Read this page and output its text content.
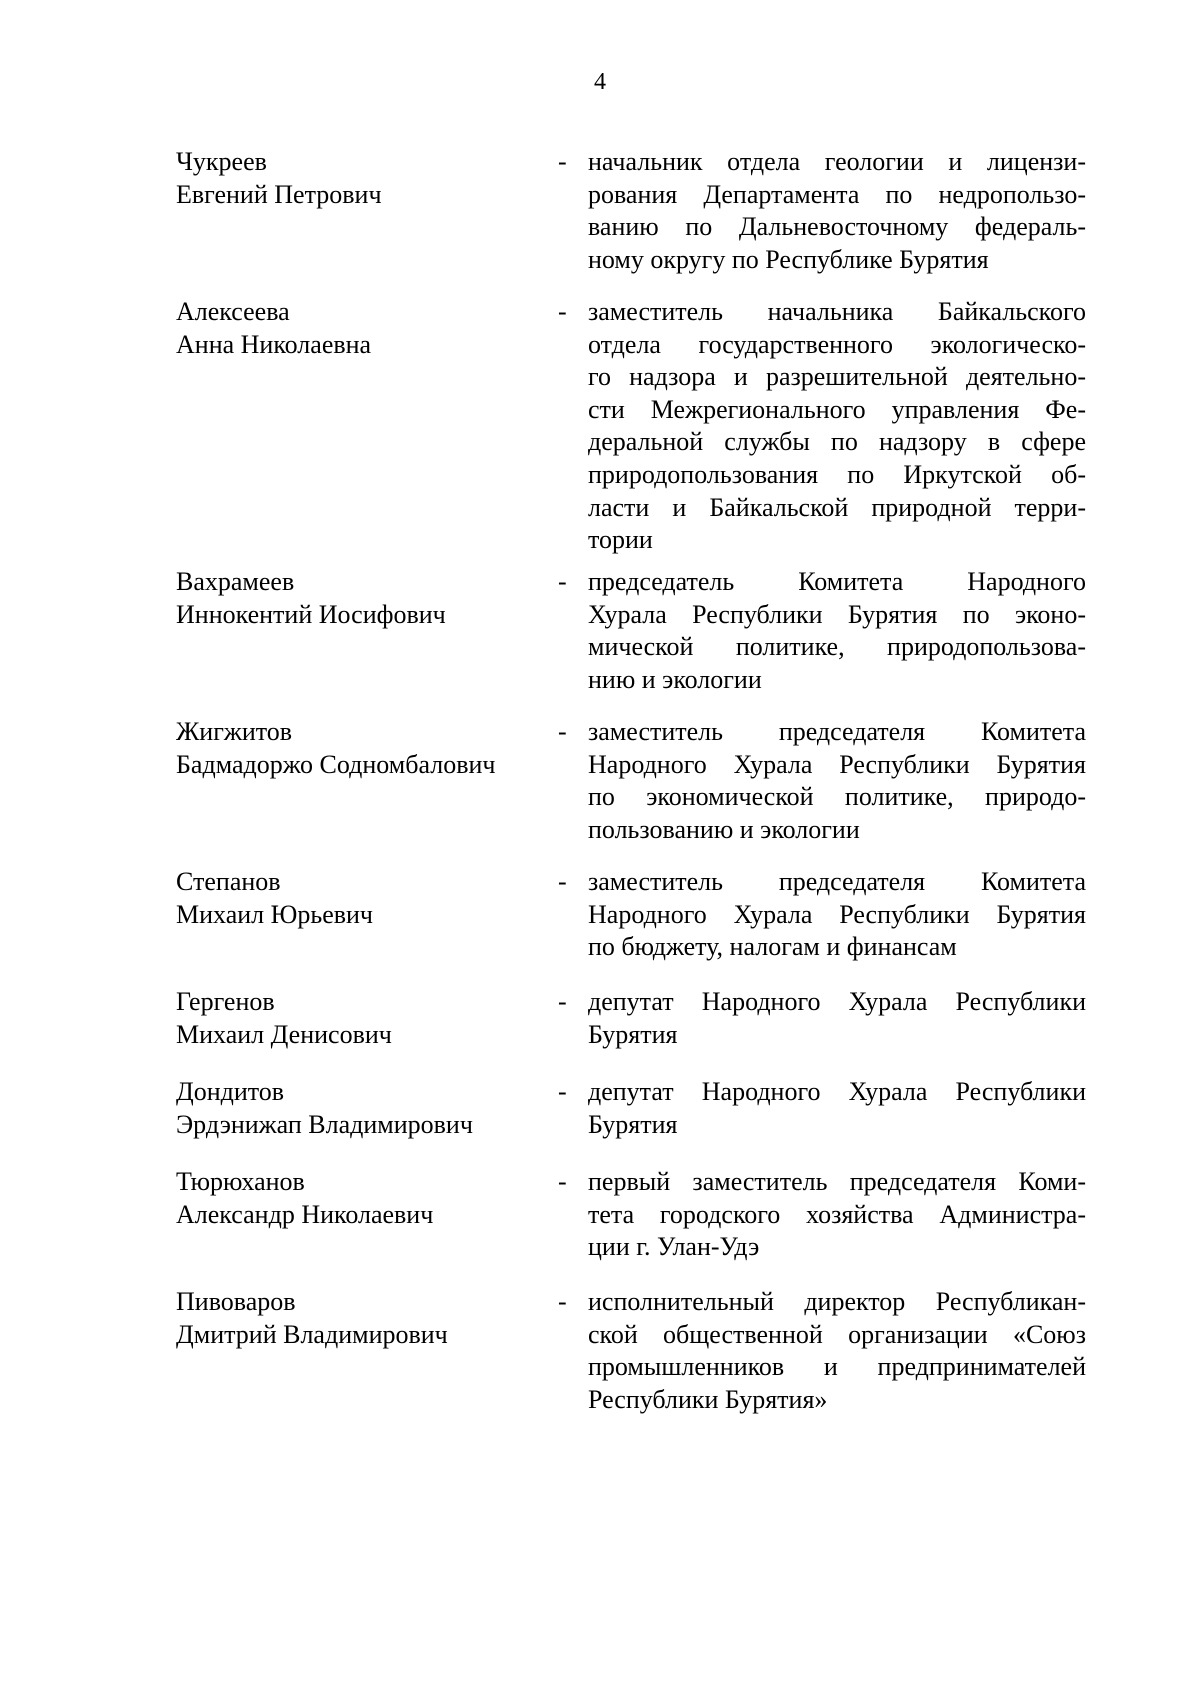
4
Чукреев
Евгений Петрович
- начальник отдела геологии и лицензи-
рования Департамента по недропользо-
ванию по Дальневосточному федераль-
ному округу по Республике Бурятия
Алексеева
Анна Николаевна
- заместитель начальника Байкальского
отдела государственного экологическо-
го надзора и разрешительной деятельно-
сти Межрегионального управления Фе-
деральной службы по надзору в сфере
природопользования по Иркутской об-
ласти и Байкальской природной терри-
тории
Вахрамеев
Иннокентий Иосифович
- председатель Комитета Народного
Хурала Республики Бурятия по эконо-
мической политике, природопользова-
нию и экологии
Жигжитов
Бадмадоржо Содномбалович
- заместитель председателя Комитета
Народного Хурала Республики Бурятия
по экономической политике, природо-
пользованию и экологии
Степанов
Михаил Юрьевич
- заместитель председателя Комитета
Народного Хурала Республики Бурятия
по бюджету, налогам и финансам
Гергенов
Михаил Денисович
- депутат Народного Хурала Республики
Бурятия
Дондитов
Эрдэнижап Владимирович
- депутат Народного Хурала Республики
Бурятия
Тюрюханов
Александр Николаевич
- первый заместитель председателя Коми-
тета городского хозяйства Администра-
ции г. Улан-Удэ
Пивоваров
Дмитрий Владимирович
- исполнительный директор Республикан-
ской общественной организации «Союз
промышленников и предпринимателей
Республики Бурятия»
